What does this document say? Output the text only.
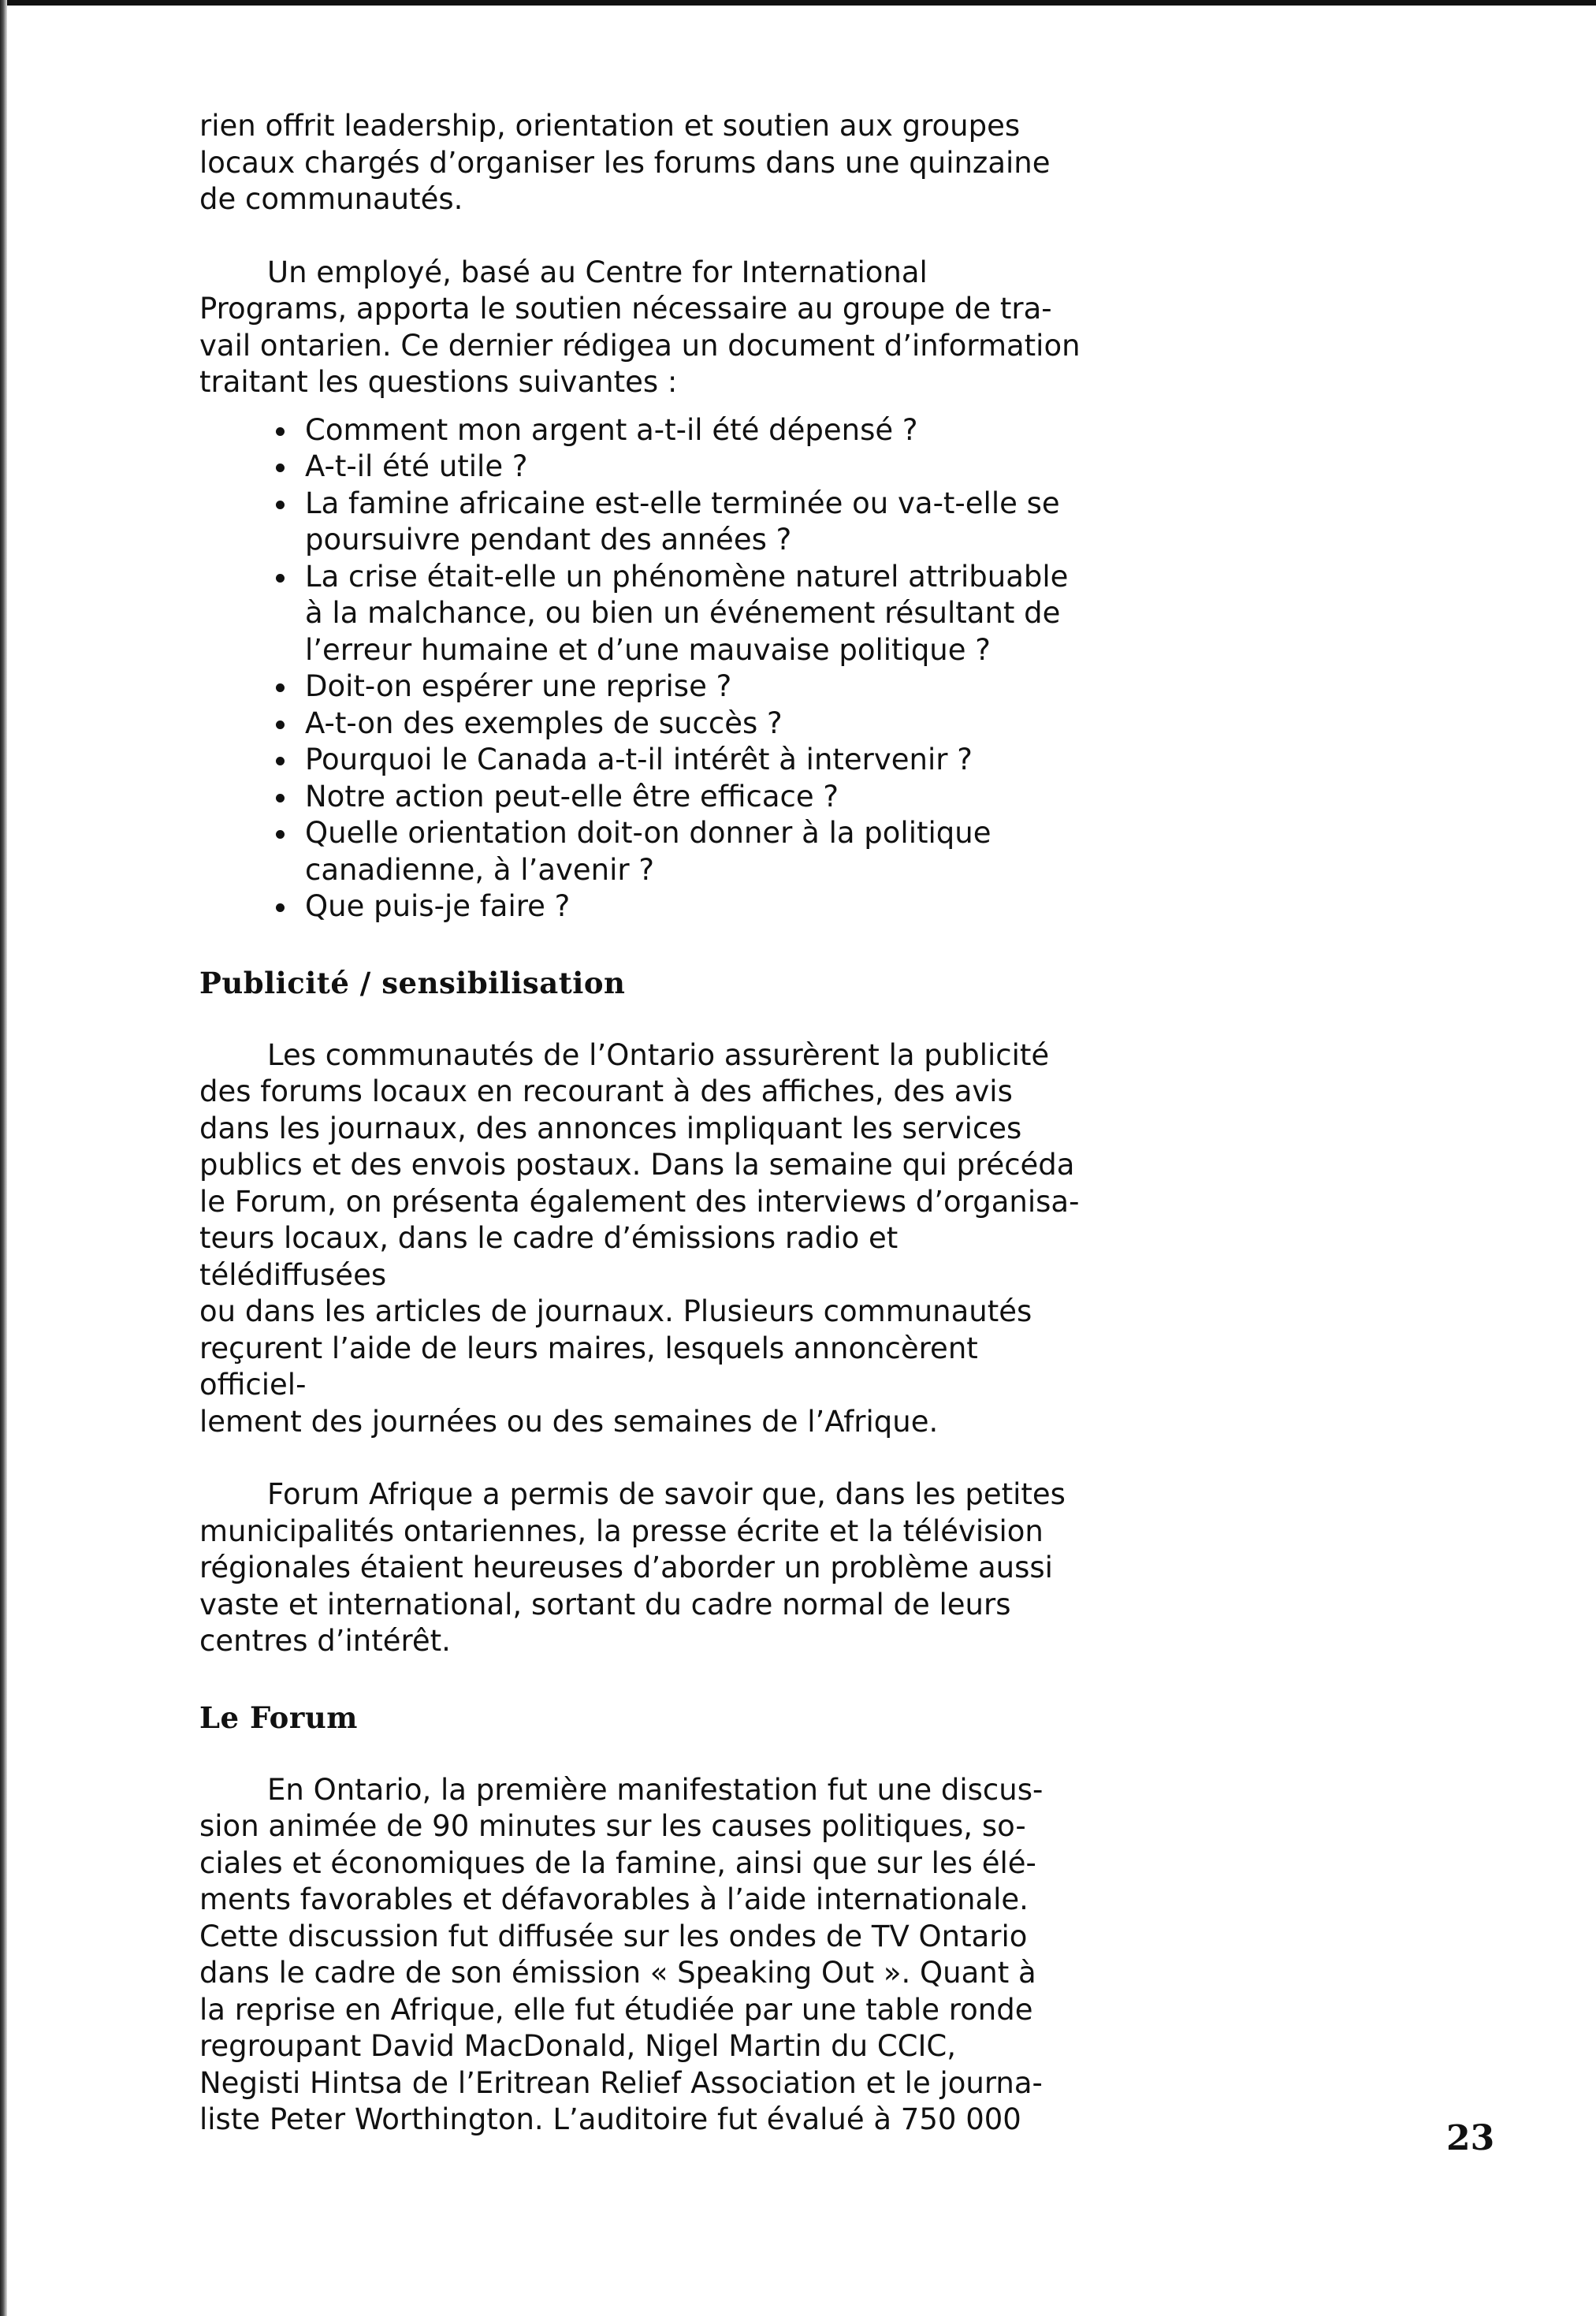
rien offrit leadership, orientation et soutien aux groupes
locaux chargés d’organiser les forums dans une quinzaine
de communautés.

Un employé, basé au Centre for International
Programs, apporta le soutien nécessaire au groupe de tra-
vail ontarien. Ce dernier rédigea un document d’information
traitant les questions suivantes :

Comment mon argent a-t-il été dépensé ?
A-t-il été utile ?
La famine africaine est-elle terminée ou va-t-elle se
poursuivre pendant des années ?
La crise était-elle un phénomène naturel attribuable
à la malchance, ou bien un événement résultant de
l’erreur humaine et d’une mauvaise politique ?
Doit-on espérer une reprise ?
A-t-on des exemples de succès ?
Pourquoi le Canada a-t-il intérêt à intervenir ?
Notre action peut-elle être efficace ?
Quelle orientation doit-on donner à la politique
canadienne, à l’avenir ?
Que puis-je faire ?
Publicité / sensibilisation

Les communautés de l’Ontario assurèrent la publicité
des forums locaux en recourant à des affiches, des avis
dans les journaux, des annonces impliquant les services
publics et des envois postaux. Dans la semaine qui précéda
le Forum, on présenta également des interviews d’organisa-
teurs locaux, dans le cadre d’émissions radio et télédiffusées
ou dans les articles de journaux. Plusieurs communautés
reçurent l’aide de leurs maires, lesquels annoncèrent officiel-
lement des journées ou des semaines de l’Afrique.

Forum Afrique a permis de savoir que, dans les petites
municipalités ontariennes, la presse écrite et la télévision
régionales étaient heureuses d’aborder un problème aussi
vaste et international, sortant du cadre normal de leurs
centres d’intérêt.

Le Forum

En Ontario, la première manifestation fut une discus-
sion animée de 90 minutes sur les causes politiques, so-
ciales et économiques de la famine, ainsi que sur les élé-
ments favorables et défavorables à l’aide internationale.
Cette discussion fut diffusée sur les ondes de TV Ontario
dans le cadre de son émission « Speaking Out ». Quant à
la reprise en Afrique, elle fut étudiée par une table ronde
regroupant David MacDonald, Nigel Martin du CCIC,
Negisti Hintsa de l’Eritrean Relief Association et le journa-
liste Peter Worthington. L’auditoire fut évalué à 750 000	23
